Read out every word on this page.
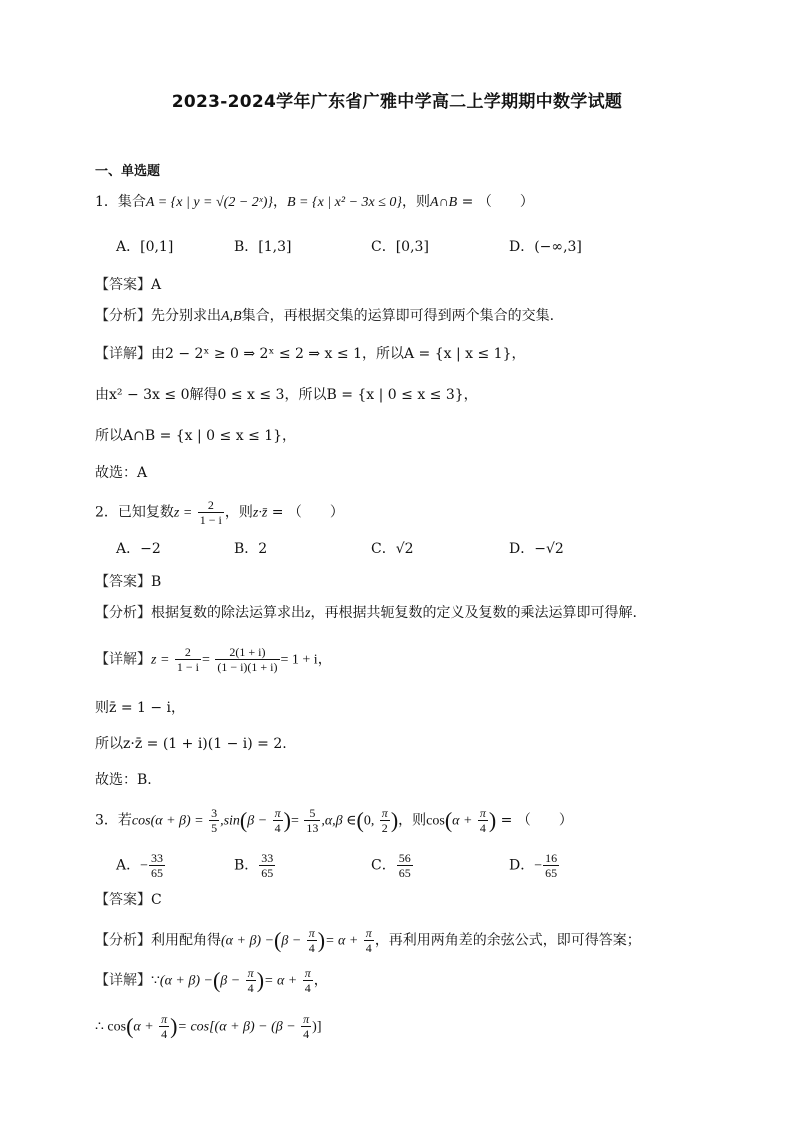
2023-2024学年广东省广雅中学高二上学期期中数学试题
一、单选题
1．集合A = {x | y = √(2 − 2ˣ)}，B = {x | x² − 3x ≤ 0}，则A∩B = （　　）
A．[0,1]	B．[1,3]	C．[0,3]	D．(−∞,3]
【答案】A
【分析】先分别求出A,B集合，再根据交集的运算即可得到两个集合的交集.
【详解】由2 − 2ˣ ≥ 0 ⇒ 2ˣ ≤ 2 ⇒ x ≤ 1，所以A = {x | x ≤ 1}，
由x² − 3x ≤ 0解得0 ≤ x ≤ 3，所以B = {x | 0 ≤ x ≤ 3}，
所以A∩B = {x | 0 ≤ x ≤ 1}，
故选：A
2．已知复数$z = \frac{2}{1 - i}$ ，则z·z̄ = （　　）
A．−2	B．2	C．√2	D．−√2
【答案】B
【分析】根据复数的除法运算求出z，再根据共轭复数的定义及复数的乘法运算即可得解.
【详解】$z = \frac{2}{1 - i} = \frac{2(1 + i)}{(1 - i)(1 + i)} = 1 + i$，
则z̄ = 1 − i，
所以z·z̄ = (1 + i)(1 − i) = 2.
故选：B.
3．若$\cos(\alpha + \beta) = \frac{3}{5} ,\sin(\beta - \frac{\pi}{4}$ )= $\frac{5}{13} ,\alpha,\beta$ ∈(0, $\frac{\pi}{2}$ )，则$\cos(\alpha + \frac{\pi}{4}$ ) = （　　）
A．− $\frac{33}{65}$	B． $\frac{33}{65}$	C． $\frac{56}{65}$	D．− $\frac{16}{65}$
【答案】C
【分析】利用配角得$(\alpha + \beta) -(\beta - \frac{\pi}{4}$ )= $\alpha + \frac{\pi}{4}$ ，再利用两角差的余弦公式，即可得答案；
【详解】∵(α + $\beta) -(\beta - \frac{\pi}{4}$ )= $\alpha + \frac{\pi}{4}$ ，
∴ $\cos(\alpha + \frac{\pi}{4}$ )= $\cos[(\alpha + \beta) - (\beta - \frac{\pi}{4}$ )]
